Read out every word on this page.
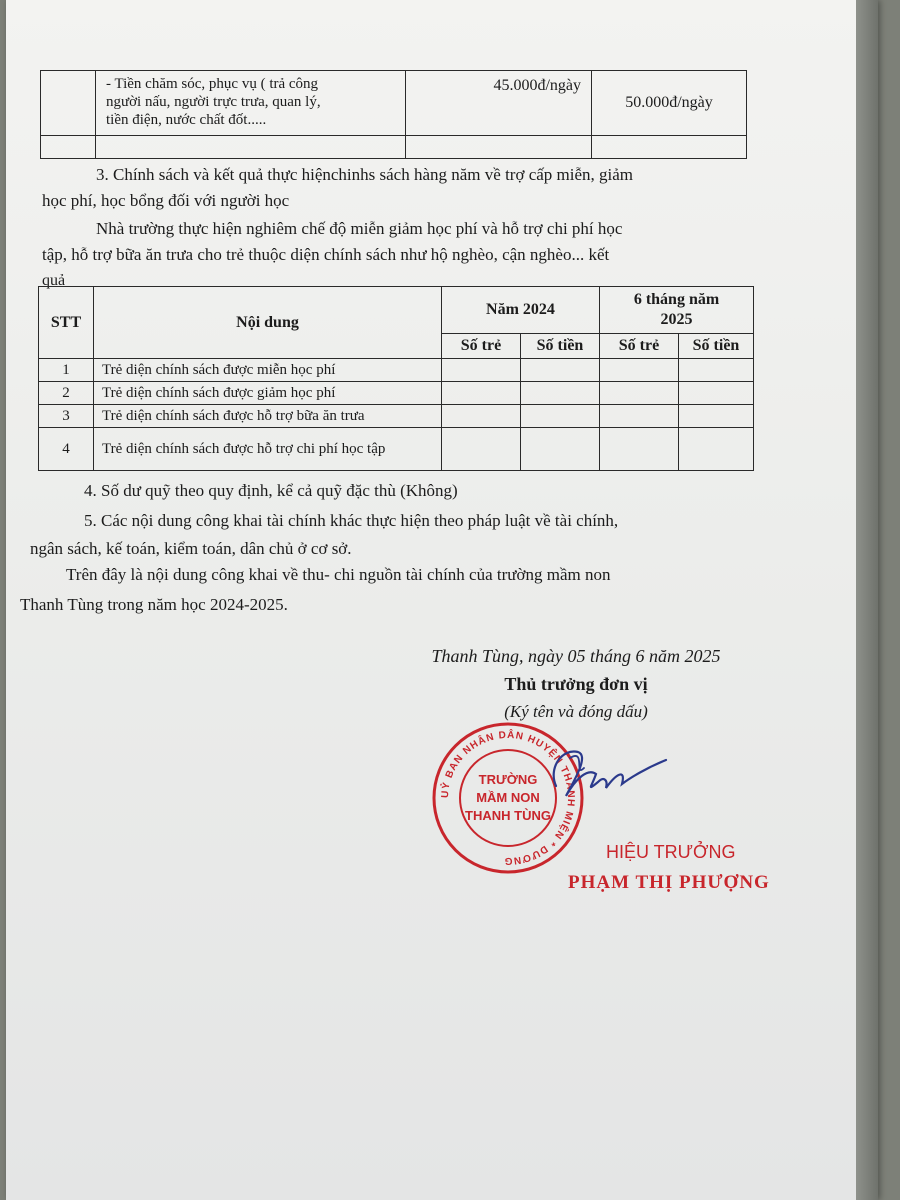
	- Tiền chăm sóc, phục vụ ( trả công
người nấu, người trực trưa, quan lý,
tiền điện, nước chất đốt.....	45.000đ/ngày	50.000đ/ngày

3. Chính sách và kết quả thực hiệnchinhs sách hàng năm về trợ cấp miễn, giảm
học phí, học bổng đối với người học
Nhà trường thực hiện nghiêm chế độ miễn giảm học phí và hỗ trợ chi phí học
tập, hỗ trợ bữa ăn trưa cho trẻ thuộc diện chính sách như hộ nghèo, cận nghèo... kết
quả
STT	Nội dung	Năm 2024		6 tháng năm
2025	

		Số trẻ	Số tiền	Số trẻ	Số tiền
1	Trẻ diện chính sách được miễn học phí				
2	Trẻ diện chính sách được giảm học phí				
3	Trẻ diện chính sách được hỗ trợ bữa ăn trưa				
4	Trẻ diện chính sách được hỗ trợ chi phí học tập				
4. Số dư quỹ theo quy định, kể cả quỹ đặc thù (Không)
5. Các nội dung công khai tài chính khác thực hiện theo pháp luật về tài chính,
ngân sách, kế toán, kiểm toán, dân chủ ở cơ sở.
Trên đây là nội dung công khai về thu- chi nguồn tài chính của trường mầm non
Thanh Tùng trong năm học 2024-2025.
Thanh Tùng, ngày 05 tháng 6 năm 2025
Thủ trưởng đơn vị
(Ký tên và đóng dấu)
UỶ BAN NHÂN DÂN HUYỆN THANH MIỆN * DƯƠNG
TRƯỜNG
MẦM NON
THANH TÙNG
HIỆU TRƯỞNG
PHẠM THỊ PHƯỢNG
